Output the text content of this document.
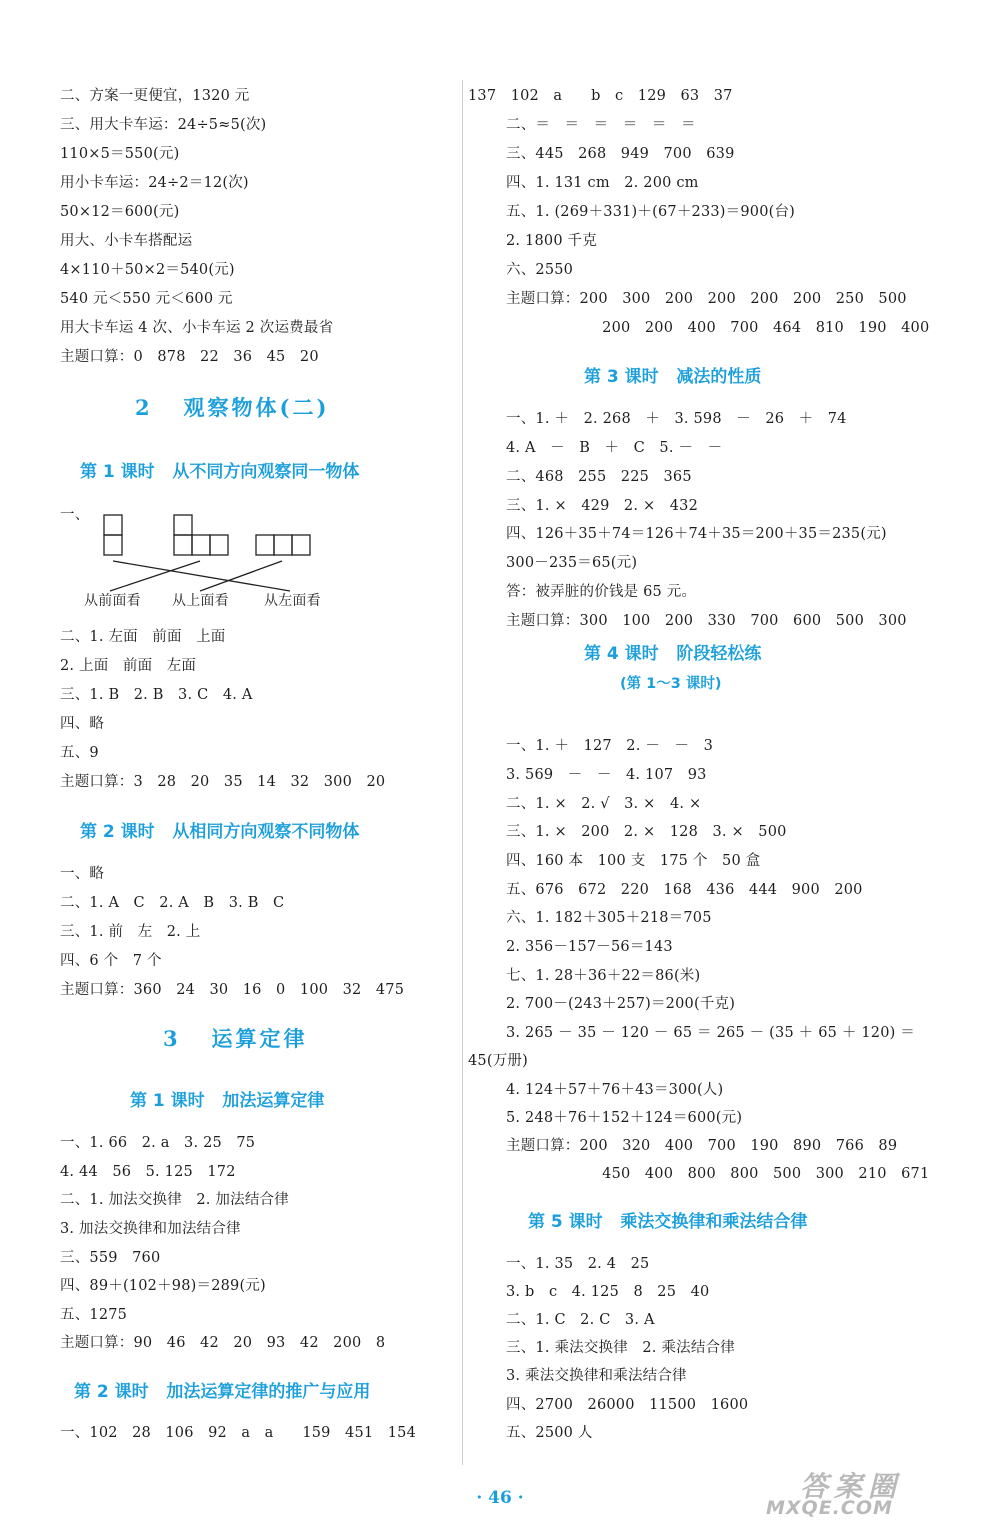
二、方案一更便宜，1320 元
三、用大卡车运：24÷5≈5(次)
110×5＝550(元)
用小卡车运：24÷2＝12(次)
50×12＝600(元)
用大、小卡车搭配运
4×110＋50×2＝540(元)
540 元＜550 元＜600 元
用大卡车运 4 次、小卡车运 2 次运费最省
主题口算：0   878   22   36   45   20
2   观察物体(二)
第 1 课时   从不同方向观察同一物体
一、
从前面看 从上面看	从左面看
二、1. 左面   前面   上面
2. 上面   前面   左面
三、1. B   2. B   3. C   4. A
四、略
五、9
主题口算：3   28   20   35   14   32   300   20
第 2 课时   从相同方向观察不同物体
一、略
二、1. A   C   2. A   B   3. B   C
三、1. 前   左   2. 上
四、6 个   7 个
主题口算：360   24   30   16   0   100   32   475
3   运算定律
第 1 课时   加法运算定律
一、1. 66   2. a   3. 25   75
4. 44   56   5. 125   172
二、1. 加法交换律   2. 加法结合律
3. 加法交换律和加法结合律
三、559   760
四、89＋(102＋98)＝289(元)
五、1275
主题口算：90   46   42   20   93   42   200   8
第 2 课时   加法运算定律的推广与应用
一、102   28   106   92   a   a      159   451   154
137   102   a      b   c   129   63   37
二、＝   ＝   ＝   ＝   ＝   ＝
三、445   268   949   700   639
四、1. 131 cm   2. 200 cm
五、1. (269＋331)＋(67＋233)＝900(台)
2. 1800 千克
六、2550
主题口算：200   300   200   200   200   200   250   500
200   200   400   700   464   810   190   400
第 3 课时   减法的性质
一、1. ＋   2. 268   ＋   3. 598   －   26   ＋   74
4. A   －   B   ＋   C   5. －   －
二、468   255   225   365
三、1. ×   429   2. ×   432
四、126＋35＋74＝126＋74＋35＝200＋35＝235(元)
300－235＝65(元)
答：被弄脏的价钱是 65 元。
主题口算：300   100   200   330   700   600   500   300
第 4 课时   阶段轻松练
(第 1～3 课时)
一、1. ＋   127   2. －   －   3
3. 569   －   －   4. 107   93
二、1. ×   2. √   3. ×   4. ×
三、1. ×   200   2. ×   128   3. ×   500
四、160 本   100 支   175 个   50 盒
五、676   672   220   168   436   444   900   200
六、1. 182＋305＋218＝705
2. 356－157－56＝143
七、1. 28＋36＋22＝86(米)
2. 700－(243＋257)＝200(千克)
3. 265 － 35 － 120 － 65 ＝ 265 － (35 ＋ 65 ＋ 120) ＝
45(万册)
4. 124＋57＋76＋43＝300(人)
5. 248＋76＋152＋124＝600(元)
主题口算：200   320   400   700   190   890   766   89
450   400   800   800   500   300   210   671
第 5 课时   乘法交换律和乘法结合律
一、1. 35   2. 4   25
3. b   c   4. 125   8   25   40
二、1. C   2. C   3. A
三、1. 乘法交换律   2. 乘法结合律
3. 乘法交换律和乘法结合律
四、2700   26000   11500   1600
五、2500 人
· 46 ·	答案圈
MXQE.COM
